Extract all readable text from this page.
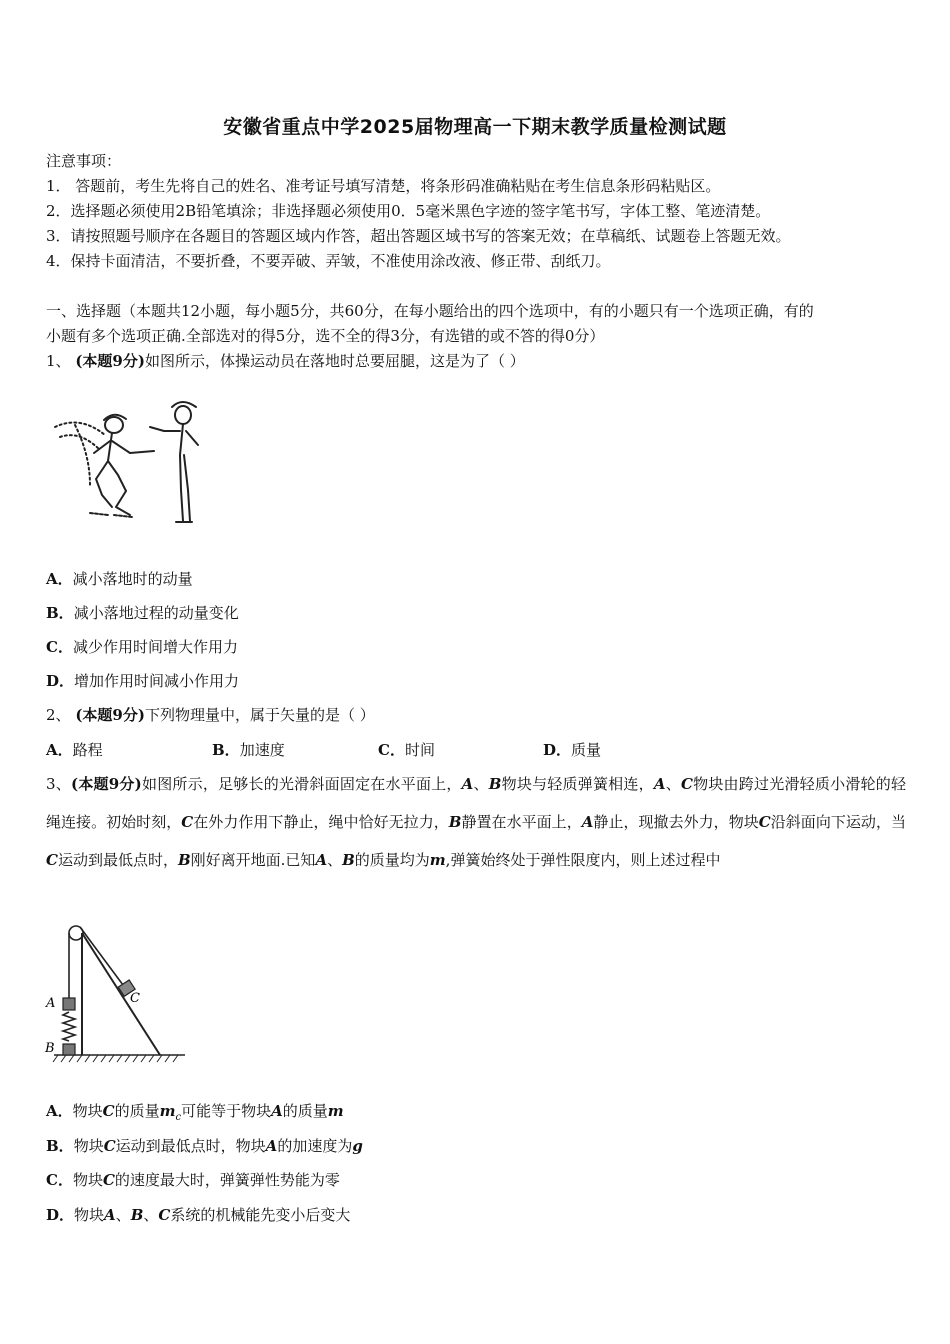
安徽省重点中学2025届物理高一下期末教学质量检测试题
注意事项：
1． 答题前，考生先将自己的姓名、准考证号填写清楚，将条形码准确粘贴在考生信息条形码粘贴区。
2．选择题必须使用2B铅笔填涂；非选择题必须使用0．5毫米黑色字迹的签字笔书写，字体工整、笔迹清楚。
3．请按照题号顺序在各题目的答题区域内作答，超出答题区域书写的答案无效；在草稿纸、试题卷上答题无效。
4．保持卡面清洁，不要折叠，不要弄破、弄皱，不准使用涂改液、修正带、刮纸刀。
一、选择题（本题共12小题，每小题5分，共60分，在每小题给出的四个选项中，有的小题只有一个选项正确，有的
小题有多个选项正确.全部选对的得5分，选不全的得3分，有选错的或不答的得0分）
1、 (本题9分)如图所示，体操运动员在落地时总要屈腿，这是为了（ ）
A．减小落地时的动量
B．减小落地过程的动量变化
C．减少作用时间增大作用力
D．增加作用时间减小作用力
2、 (本题9分)下列物理量中，属于矢量的是（ ）
A．路程	B．加速度	C．时间	D．质量
3、(本题9分)如图所示，足够长的光滑斜面固定在水平面上，A、B物块与轻质弹簧相连，A、C物块由跨过光滑轻质小滑轮的轻绳连接。初始时刻，C在外力作用下静止，绳中恰好无拉力，B静置在水平面上，A静止，现撤去外力，物块C沿斜面向下运动，当C运动到最低点时，B刚好离开地面.已知A、B的质量均为m,弹簧始终处于弹性限度内，则上述过程中
A
B
C
A．物块C的质量$m_c$可能等于物块A的质量m
B．物块C运动到最低点时，物块A的加速度为g
C．物块C的速度最大时，弹簧弹性势能为零
D．物块A、B、C系统的机械能先变小后变大
